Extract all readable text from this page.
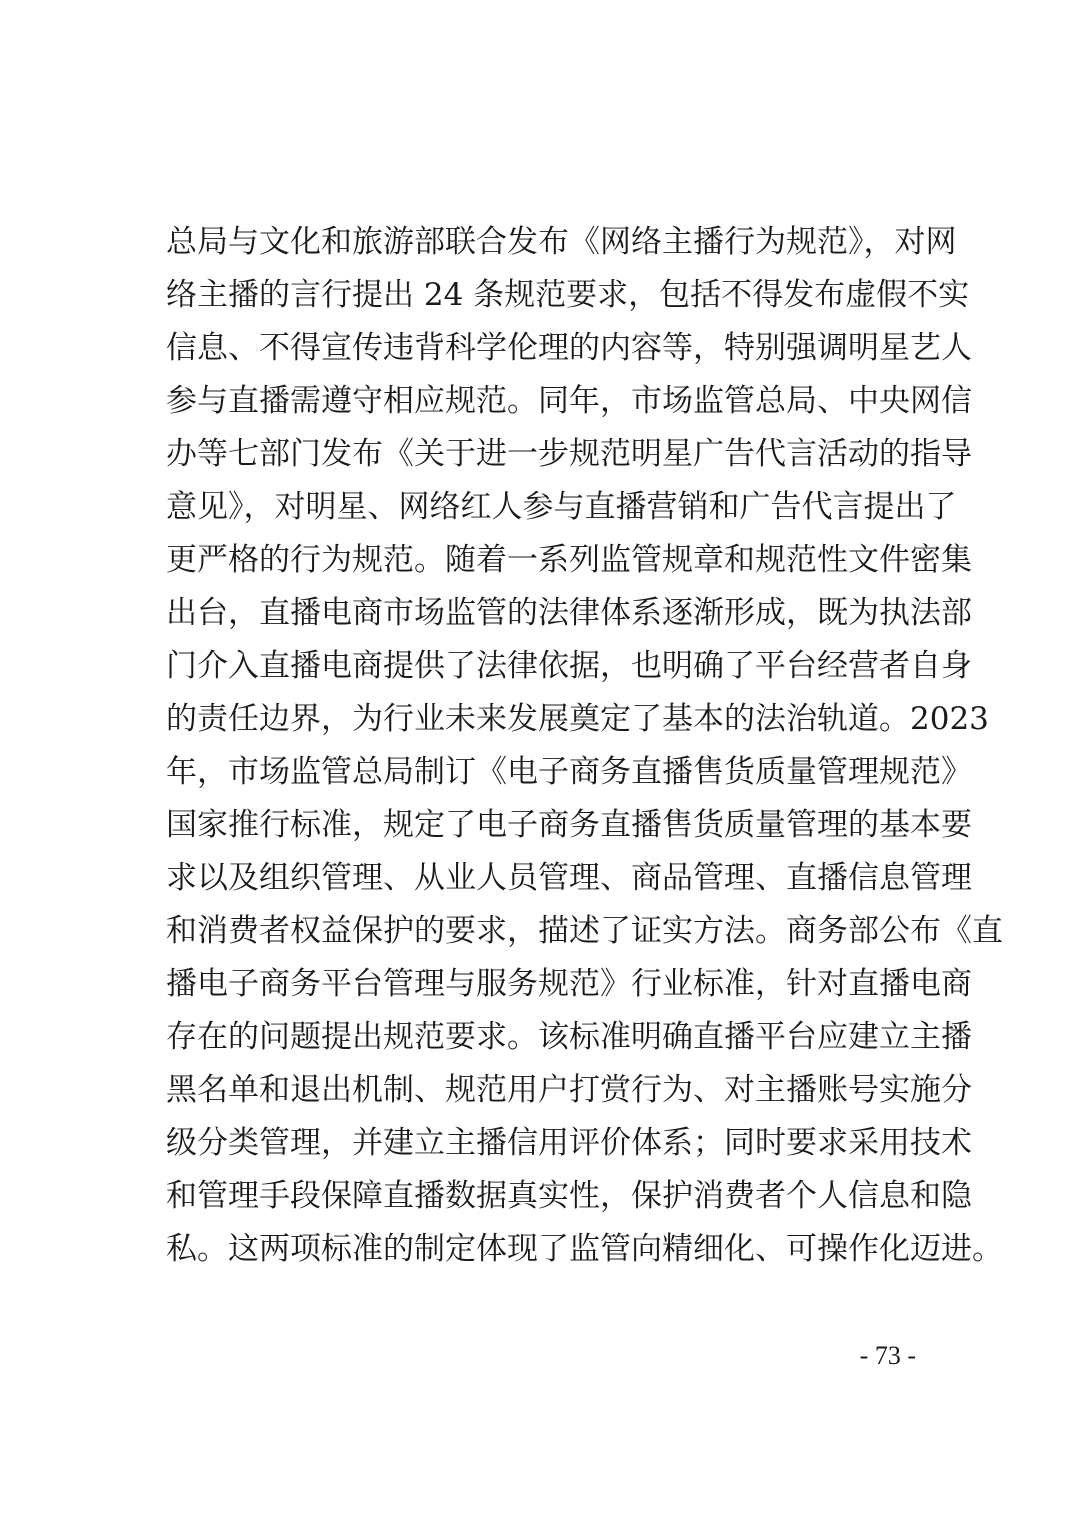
总局与文化和旅游部联合发布《网络主播行为规范》，对网
络主播的言行提出 24 条规范要求，包括不得发布虚假不实
信息、不得宣传违背科学伦理的内容等，特别强调明星艺人
参与直播需遵守相应规范。同年，市场监管总局、中央网信
办等七部门发布《关于进一步规范明星广告代言活动的指导
意见》，对明星、网络红人参与直播营销和广告代言提出了
更严格的行为规范。随着一系列监管规章和规范性文件密集
出台，直播电商市场监管的法律体系逐渐形成，既为执法部
门介入直播电商提供了法律依据，也明确了平台经营者自身
的责任边界，为行业未来发展奠定了基本的法治轨道。2023
年，市场监管总局制订《电子商务直播售货质量管理规范》
国家推行标准，规定了电子商务直播售货质量管理的基本要
求以及组织管理、从业人员管理、商品管理、直播信息管理
和消费者权益保护的要求，描述了证实方法。商务部公布《直
播电子商务平台管理与服务规范》行业标准，针对直播电商
存在的问题提出规范要求。该标准明确直播平台应建立主播
黑名单和退出机制、规范用户打赏行为、对主播账号实施分
级分类管理，并建立主播信用评价体系；同时要求采用技术
和管理手段保障直播数据真实性，保护消费者个人信息和隐
私。这两项标准的制定体现了监管向精细化、可操作化迈进。
- 73 -
